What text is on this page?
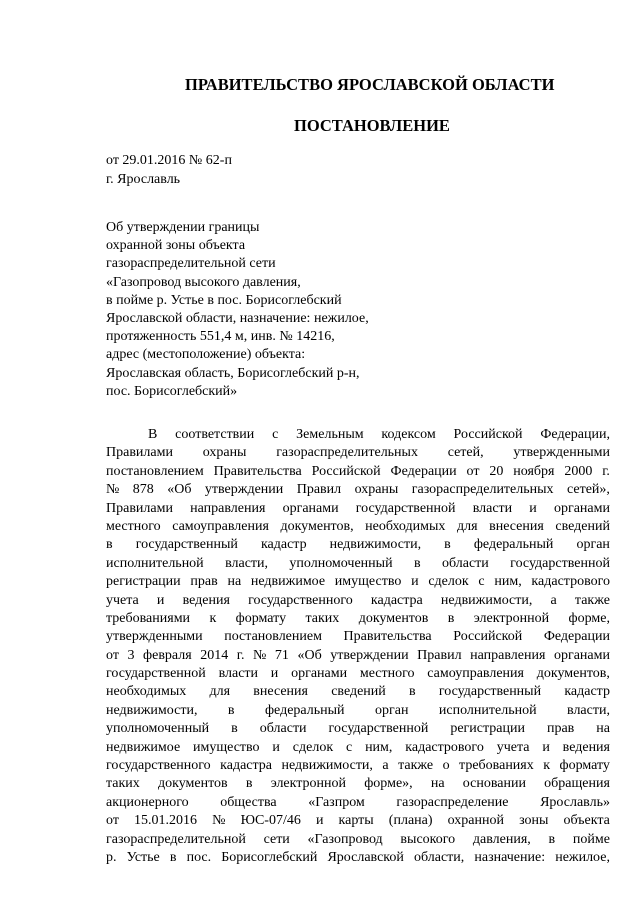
ПРАВИТЕЛЬСТВО ЯРОСЛАВСКОЙ ОБЛАСТИ
ПОСТАНОВЛЕНИЕ

от 29.01.2016 № 62-п

г. Ярославль

Об утверждении границы

охранной зоны объекта

газораспределительной сети

«Газопровод высокого давления,

в пойме р. Устье в пос. Борисоглебский

Ярославской области, назначение: нежилое,

протяженность 551,4 м, инв. № 14216,

адрес (местоположение) объекта:

Ярославская область, Борисоглебский р-н,

пос. Борисоглебский»

В соответствии с Земельным кодексом Российской Федерации,
Правилами охраны газораспределительных сетей, утвержденными
постановлением Правительства Российской Федерации от 20 ноября 2000 г.
№ 878 «Об утверждении Правил охраны газораспределительных сетей»,
Правилами направления органами государственной власти и органами
местного самоуправления документов, необходимых для внесения сведений
в государственный кадастр недвижимости, в федеральный орган
исполнительной власти, уполномоченный в области государственной
регистрации прав на недвижимое имущество и сделок с ним, кадастрового
учета и ведения государственного кадастра недвижимости, а также
требованиями к формату таких документов в электронной форме,
утвержденными постановлением Правительства Российской Федерации
от 3 февраля 2014 г. № 71 «Об утверждении Правил направления органами
государственной власти и органами местного самоуправления документов,
необходимых для внесения сведений в государственный кадастр
недвижимости, в федеральный орган исполнительной власти,
уполномоченный в области государственной регистрации прав на
недвижимое имущество и сделок с ним, кадастрового учета и ведения
государственного кадастра недвижимости, а также о требованиях к формату
таких документов в электронной форме», на основании обращения
акционерного общества «Газпром газораспределение Ярославль»
от 15.01.2016 № ЮС-07/46 и карты (плана) охранной зоны объекта
газораспределительной сети «Газопровод высокого давления, в пойме
р. Устье в пос. Борисоглебский Ярославской области, назначение: нежилое,
